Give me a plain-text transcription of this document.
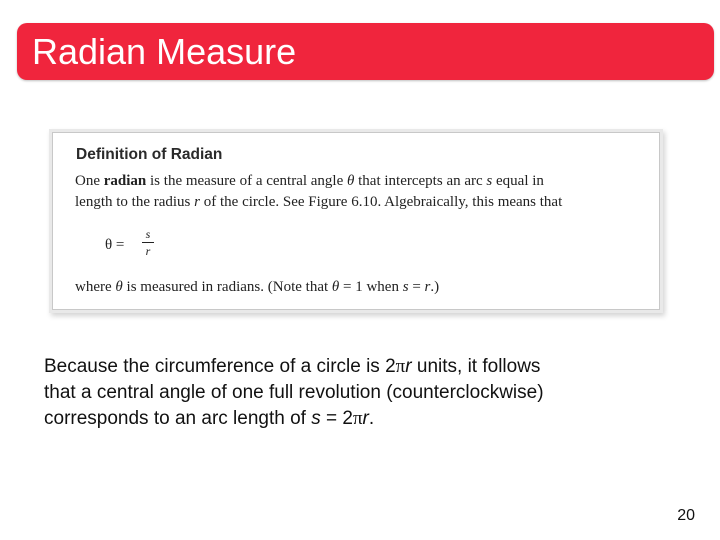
Radian Measure
Definition of Radian
One radian is the measure of a central angle θ that intercepts an arc s equal in
length to the radius r of the circle. See Figure 6.10. Algebraically, this means that
θ =
s
r
where θ is measured in radians. (Note that θ = 1 when s = r.)
Because the circumference of a circle is 2πr units, it follows
that a central angle of one full revolution (counterclockwise)
corresponds to an arc length of s = 2πr.
20
